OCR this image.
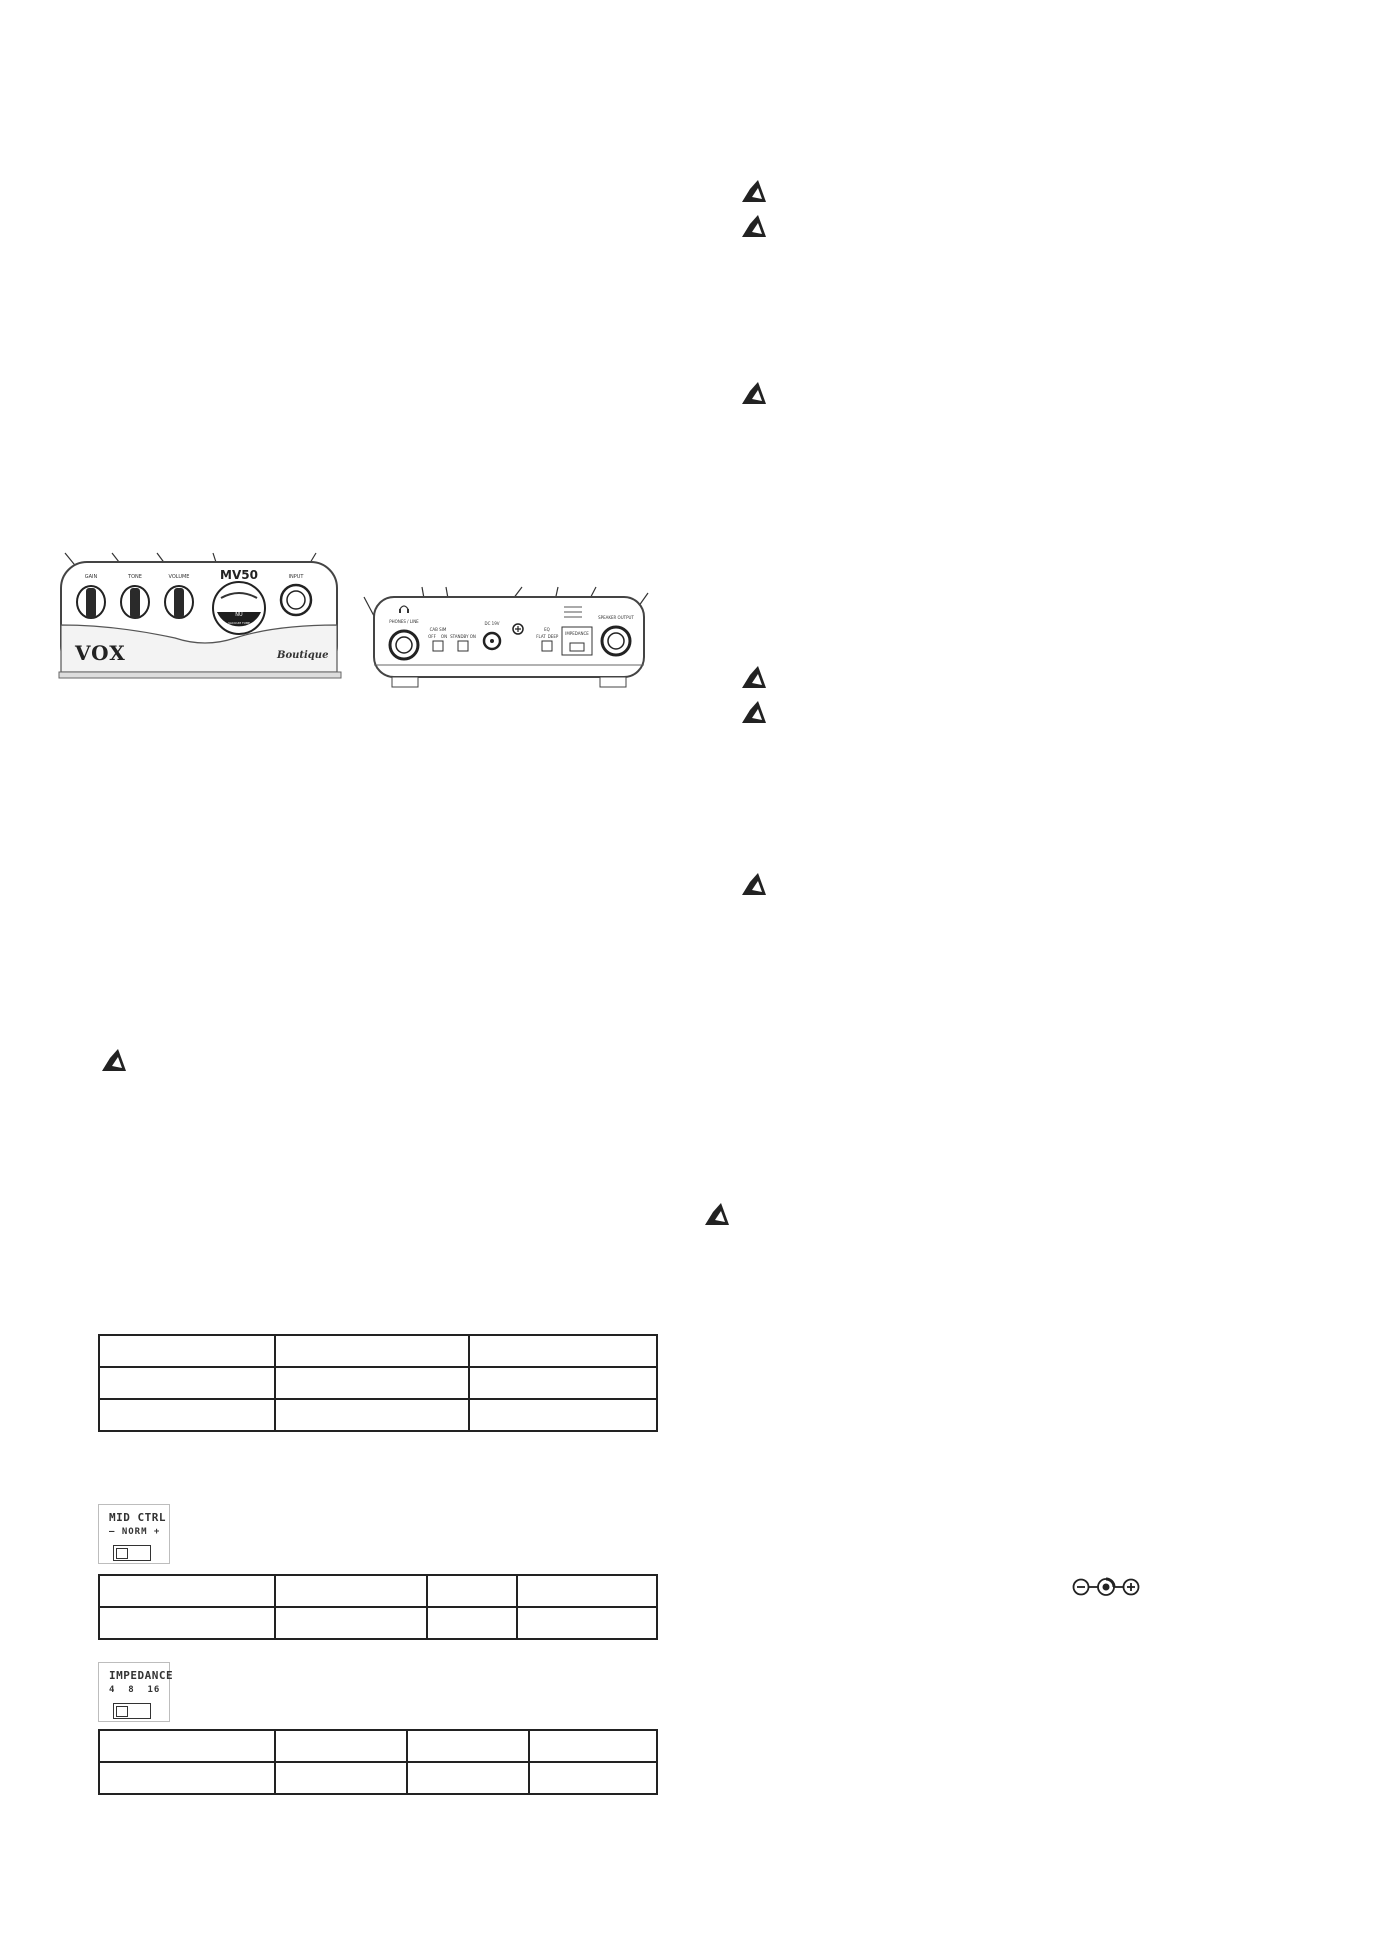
GAIN	TONE	VOLUME	MV50	INPUT
NU
VACUUM TUBE
VOX	Boutique
PHONES / LINE
CAB SIM
OFF ON STANDBY ON
DC 19V
EQ
FLAT DEEP
IMPEDANCE
SPEAKER OUTPUT

MID CTRL
– NORM +

IMPEDANCE
4  8  16
